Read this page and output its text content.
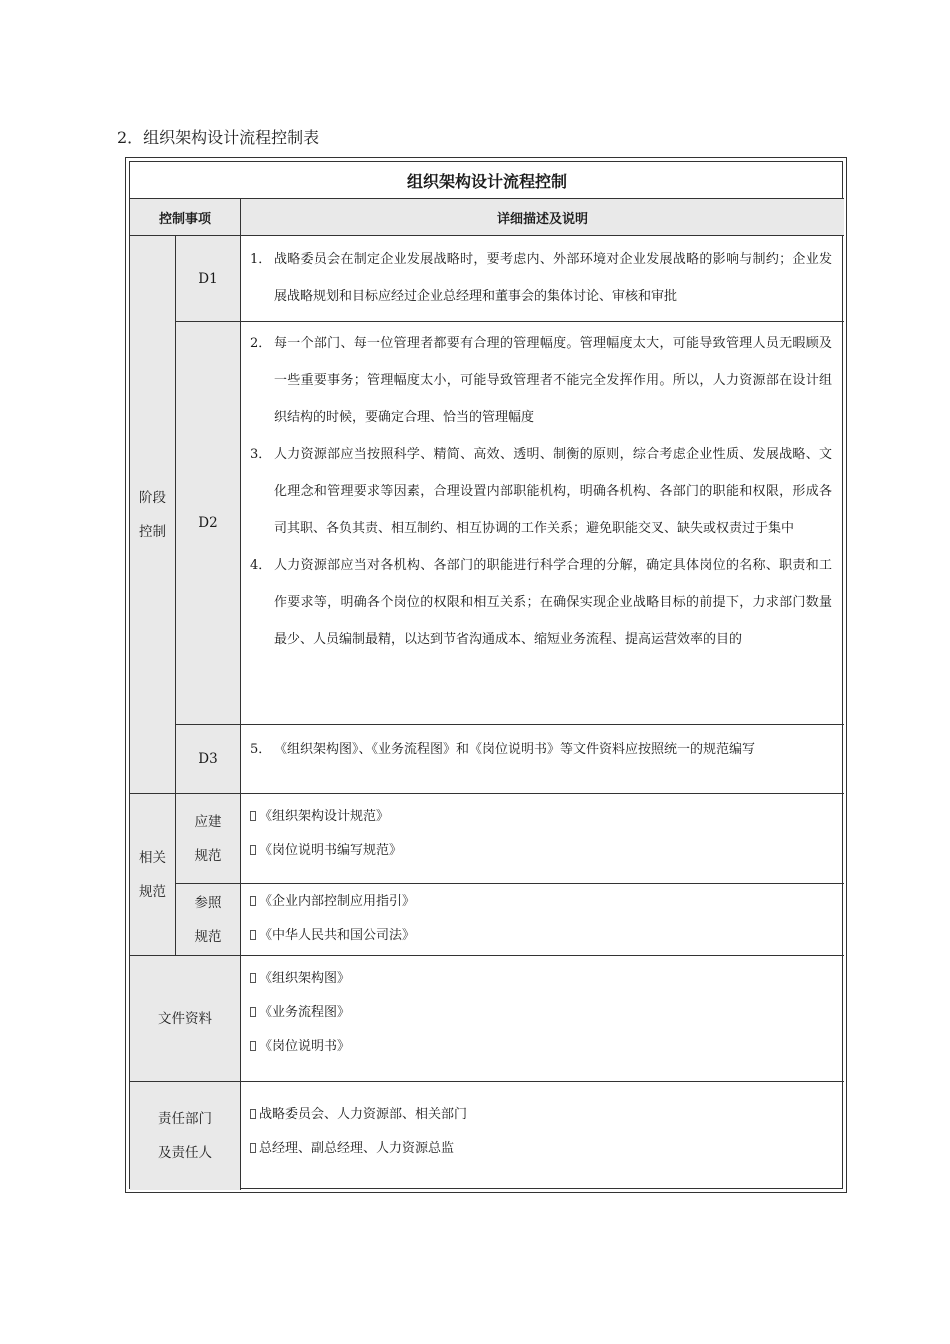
2．组织架构设计流程控制表
组织架构设计流程控制
控制事项	详细描述及说明
阶段
控制
D1
1． 战略委员会在制定企业发展战略时，要考虑内、外部环境对企业发展战略的影响与制约；企业发展战略规划和目标应经过企业总经理和董事会的集体讨论、审核和审批
D2
2． 每一个部门、每一位管理者都要有合理的管理幅度。管理幅度太大，可能导致管理人员无暇顾及一些重要事务；管理幅度太小，可能导致管理者不能完全发挥作用。所以，人力资源部在设计组织结构的时候，要确定合理、恰当的管理幅度
3． 人力资源部应当按照科学、精简、高效、透明、制衡的原则，综合考虑企业性质、发展战略、文化理念和管理要求等因素，合理设置内部职能机构，明确各机构、各部门的职能和权限，形成各司其职、各负其责、相互制约、相互协调的工作关系；避免职能交叉、缺失或权责过于集中
4． 人力资源部应当对各机构、各部门的职能进行科学合理的分解，确定具体岗位的名称、职责和工作要求等，明确各个岗位的权限和相互关系；在确保实现企业战略目标的前提下，力求部门数量最少、人员编制最精，以达到节省沟通成本、缩短业务流程、提高运营效率的目的
D3
5． 《组织架构图》、《业务流程图》和《岗位说明书》等文件资料应按照统一的规范编写
相关
规范
应建
规范
《组织架构设计规范》
《岗位说明书编写规范》
参照
规范
《企业内部控制应用指引》
《中华人民共和国公司法》
文件资料
《组织架构图》
《业务流程图》
《岗位说明书》
责任部门
及责任人
战略委员会、人力资源部、相关部门
总经理、副总经理、人力资源总监
